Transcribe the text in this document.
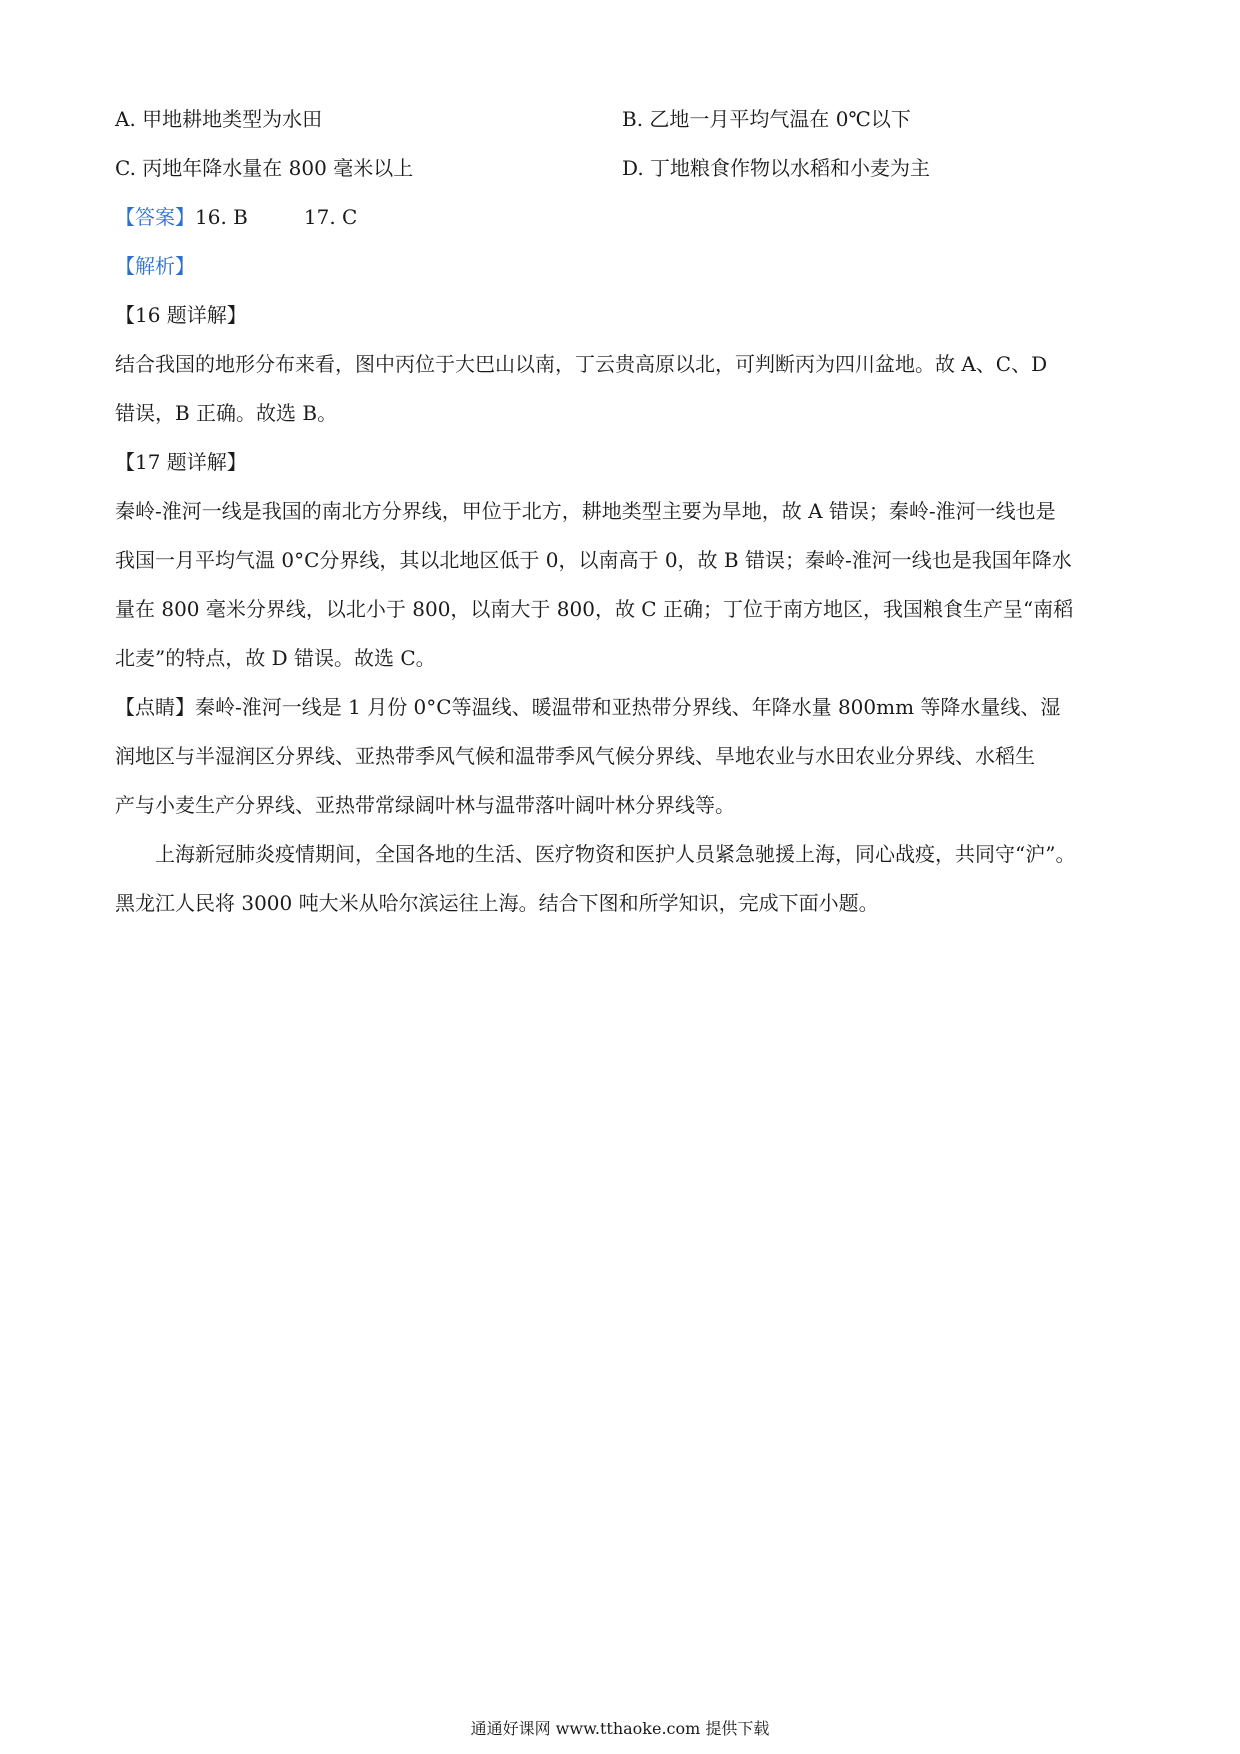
A. 甲地耕地类型为水田	B. 乙地一月平均气温在 0℃以下
C. 丙地年降水量在 800 毫米以上	D. 丁地粮食作物以水稻和小麦为主
【答案】16. B	17. C
【解析】
【16 题详解】
结合我国的地形分布来看，图中丙位于大巴山以南，丁云贵高原以北，可判断丙为四川盆地。故 A、C、D
错误，B 正确。故选 B。
【17 题详解】
秦岭-淮河一线是我国的南北方分界线，甲位于北方，耕地类型主要为旱地，故 A 错误；秦岭-淮河一线也是
我国一月平均气温 0°C分界线，其以北地区低于 0，以南高于 0，故 B 错误；秦岭-淮河一线也是我国年降水
量在 800 毫米分界线，以北小于 800，以南大于 800，故 C 正确；丁位于南方地区，我国粮食生产呈“南稻
北麦”的特点，故 D 错误。故选 C。
【点睛】秦岭-淮河一线是 1 月份 0°C等温线、暖温带和亚热带分界线、年降水量 800mm 等降水量线、湿
润地区与半湿润区分界线、亚热带季风气候和温带季风气候分界线、旱地农业与水田农业分界线、水稻生
产与小麦生产分界线、亚热带常绿阔叶林与温带落叶阔叶林分界线等。
上海新冠肺炎疫情期间，全国各地的生活、医疗物资和医护人员紧急驰援上海，同心战疫，共同守“沪”。
黑龙江人民将 3000 吨大米从哈尔滨运往上海。结合下图和所学知识，完成下面小题。
通通好课网 www.tthaoke.com 提供下载
